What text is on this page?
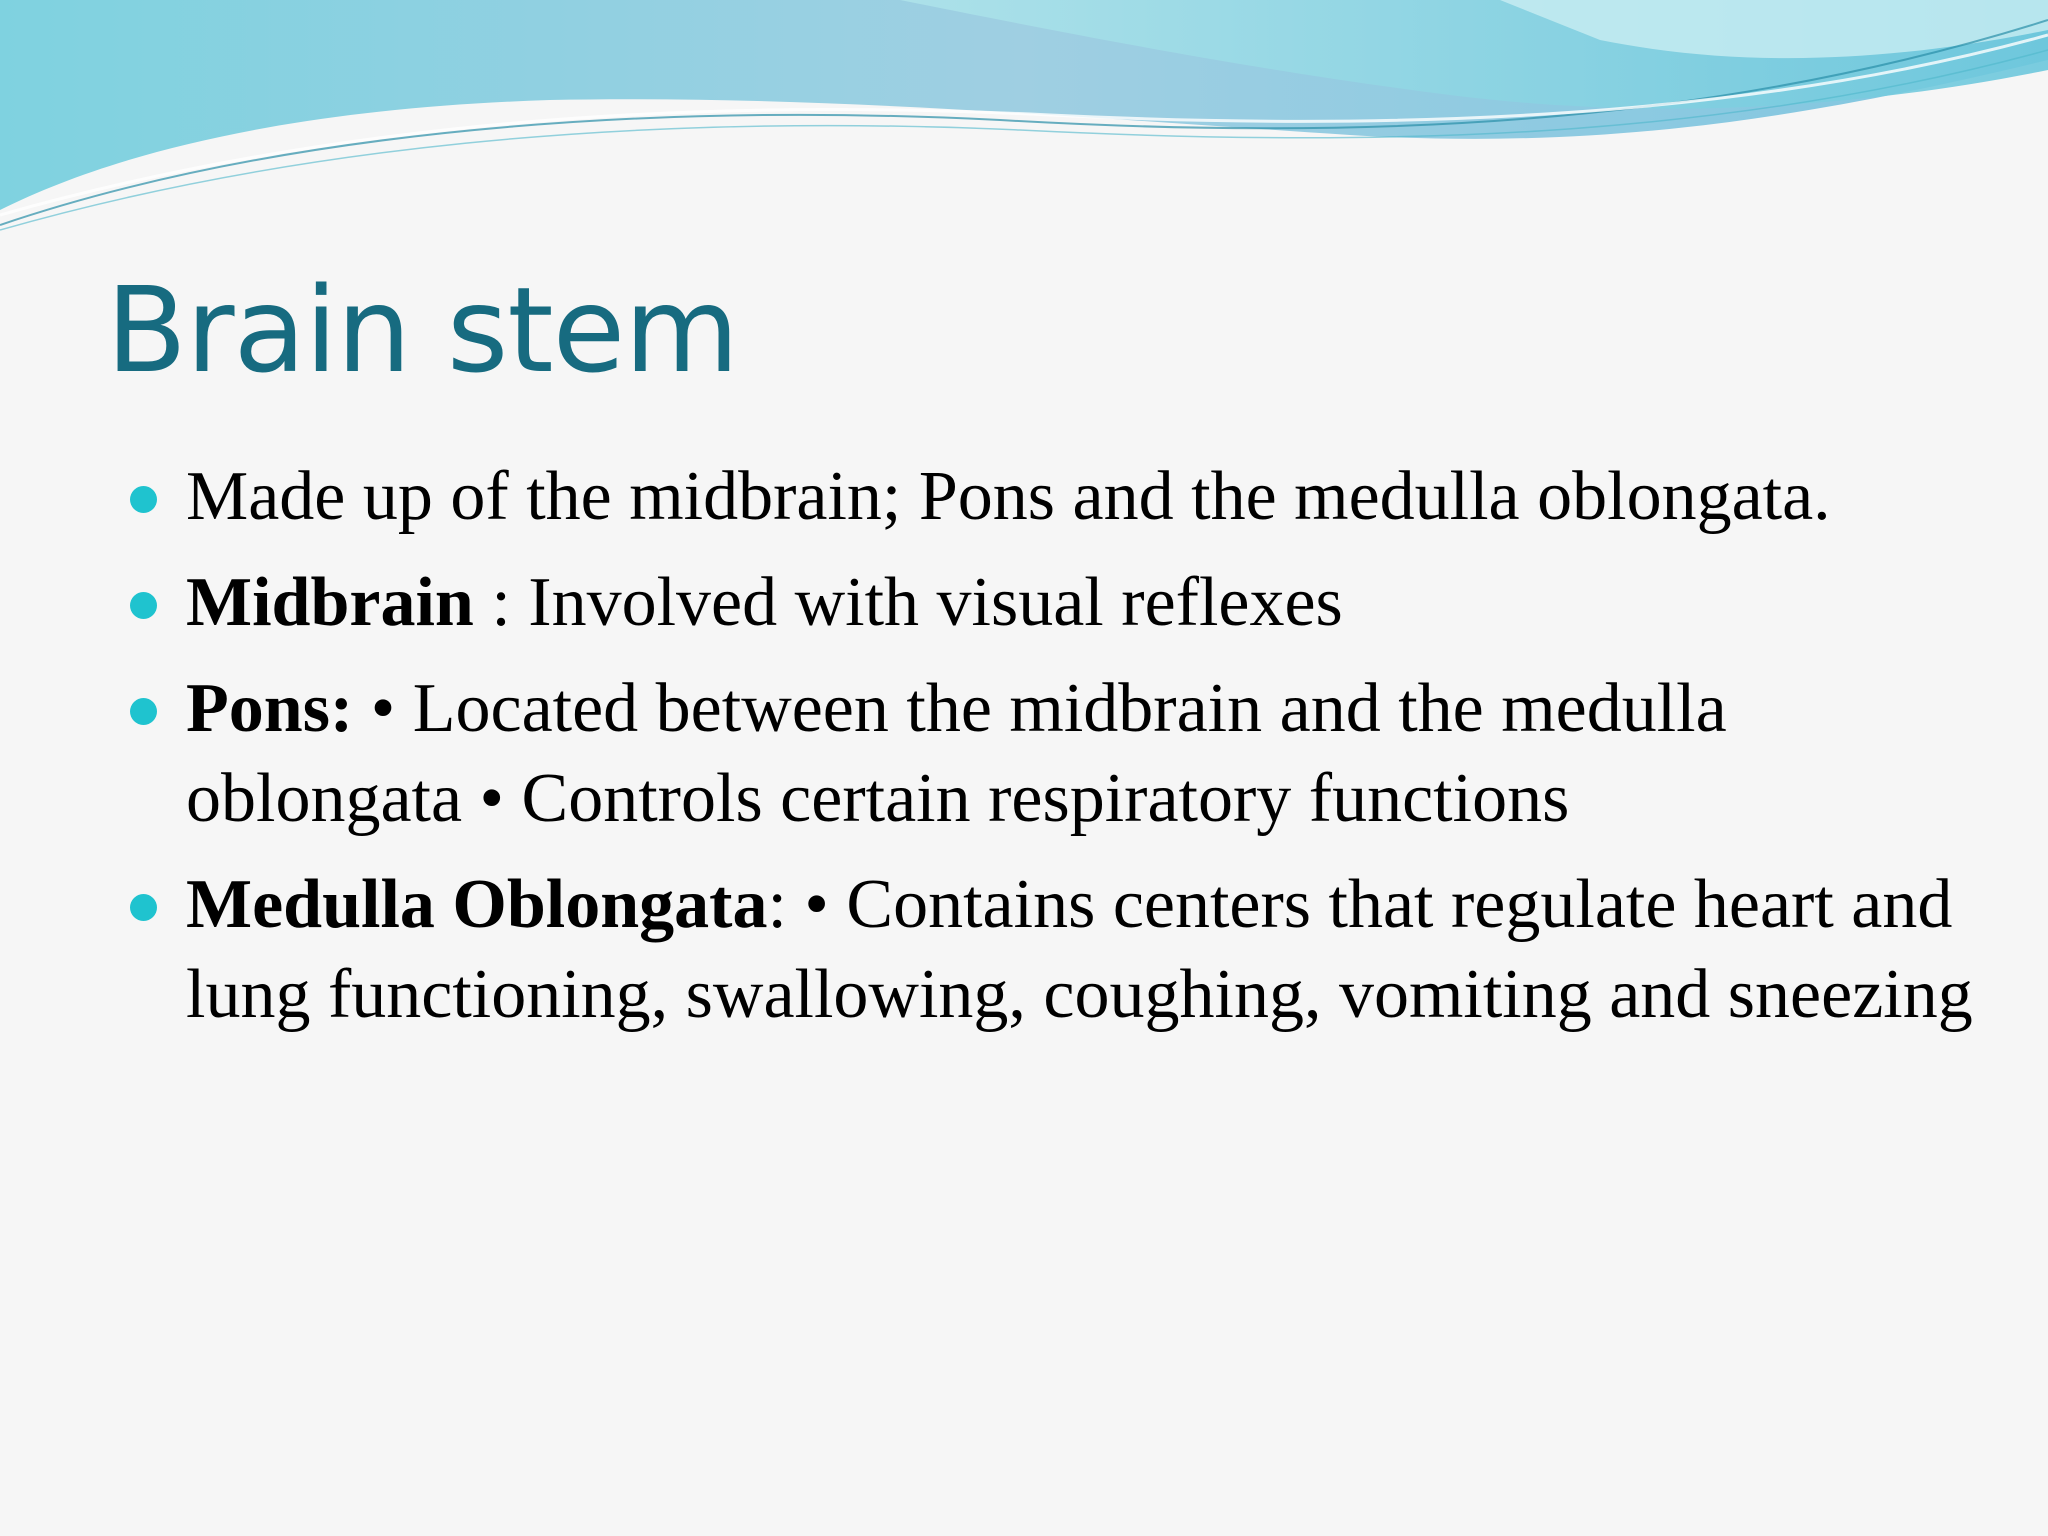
Brain stem
Made up of the midbrain; Pons and the medulla oblongata.
Midbrain : Involved with visual reflexes
Pons: • Located between the midbrain and the medulla oblongata • Controls certain respiratory functions
Medulla Oblongata: • Contains centers that regulate heart and lung functioning, swallowing, coughing, vomiting and sneezing
